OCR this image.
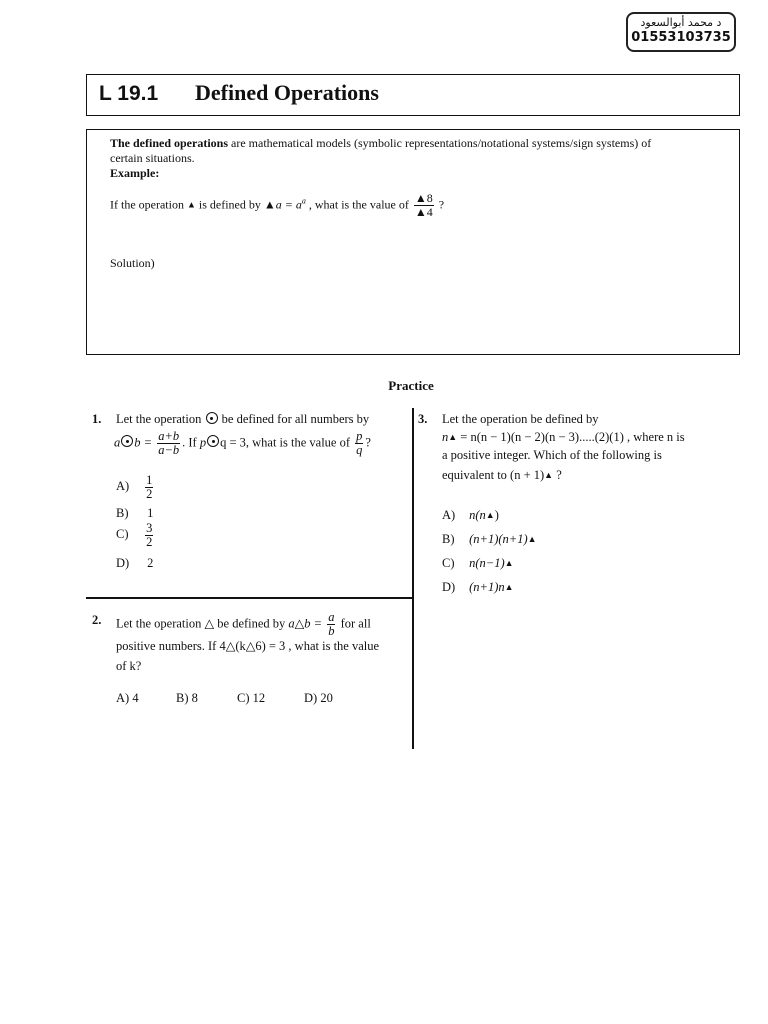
د محمد أبوالسعود
01553103735
L 19.1 Defined Operations
The defined operations are mathematical models (symbolic representations/notational systems/sign systems) of
certain situations.
Example:
If the operation ▲ is defined by ▲a = $a^a$ , what is the value of $\frac{▲8}{▲4}$ ?
Solution)
Practice
1. Let the operation be defined for all numbers by
a $b = \frac{a+b}{a-b}$ . If p q = 3, what is the value of $\frac{p}{q}$ ?
$A) \frac{1}{2}$
B) 1
$C) \frac{3}{2}$
D) 2
2. Let the operation △ be defined by a△b = $\frac{a}{b}$ for all
positive numbers. If 4△(k△6) = 3 , what is the value
of k?
A) 4	B) 8	C) 12	D) 20
3. Let the operation be defined by
n▲ = n(n − 1)(n − 2)(n − 3).....(2)(1) , where n is
a positive integer. Which of the following is
equivalent to (n + 1)▲ ?
A) n(n▲)
B) (n+1)(n+1)▲
C) n(n−1)▲
D) (n+1)n▲
